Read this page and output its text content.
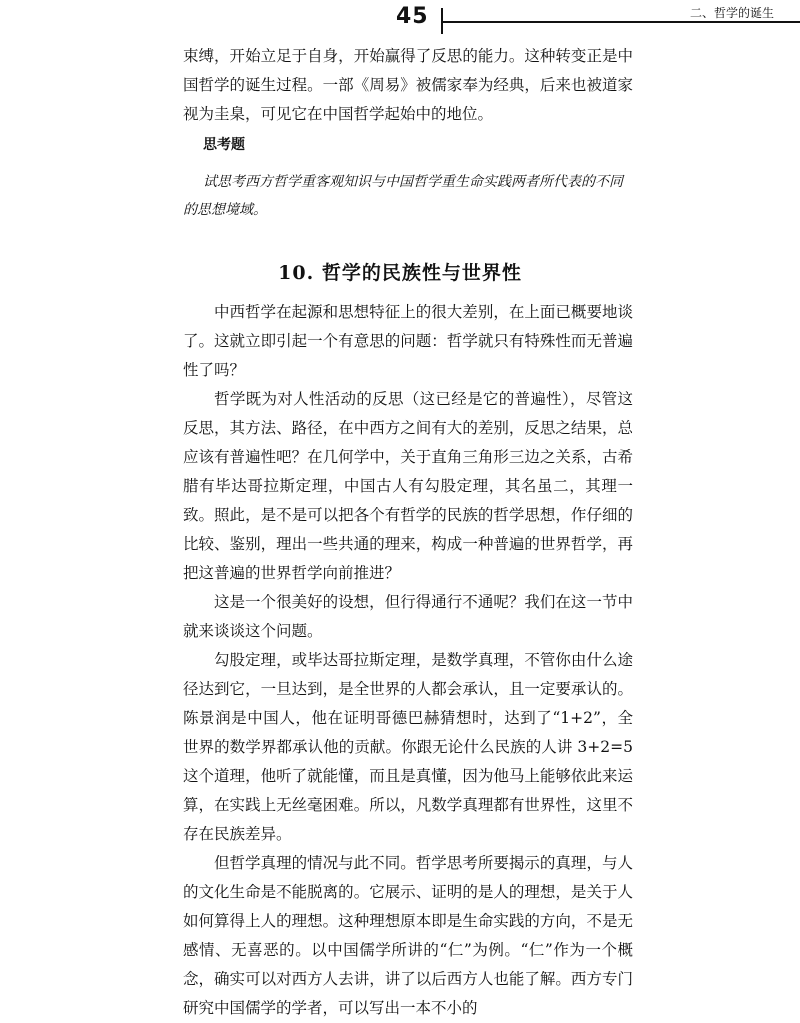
45	二、哲学的诞生

束缚，开始立足于自身，开始赢得了反思的能力。这种转变正是中国哲学的诞生过程。一部《周易》被儒家奉为经典，后来也被道家视为圭臬，可见它在中国哲学起始中的地位。

思考题

试思考西方哲学重客观知识与中国哲学重生命实践两者所代表的不同的思想境域。

10. 哲学的民族性与世界性

中西哲学在起源和思想特征上的很大差别，在上面已概要地谈了。这就立即引起一个有意思的问题：哲学就只有特殊性而无普遍性了吗？

哲学既为对人性活动的反思（这已经是它的普遍性），尽管这反思，其方法、路径，在中西方之间有大的差别，反思之结果，总应该有普遍性吧？在几何学中，关于直角三角形三边之关系，古希腊有毕达哥拉斯定理，中国古人有勾股定理，其名虽二，其理一致。照此，是不是可以把各个有哲学的民族的哲学思想，作仔细的比较、鉴别，理出一些共通的理来，构成一种普遍的世界哲学，再把这普遍的世界哲学向前推进？

这是一个很美好的设想，但行得通行不通呢？我们在这一节中就来谈谈这个问题。

勾股定理，或毕达哥拉斯定理，是数学真理，不管你由什么途径达到它，一旦达到，是全世界的人都会承认，且一定要承认的。陈景润是中国人，他在证明哥德巴赫猜想时，达到了“1+2”，全世界的数学界都承认他的贡献。你跟无论什么民族的人讲 3+2=5 这个道理，他听了就能懂，而且是真懂，因为他马上能够依此来运算，在实践上无丝毫困难。所以，凡数学真理都有世界性，这里不存在民族差异。

但哲学真理的情况与此不同。哲学思考所要揭示的真理，与人的文化生命是不能脱离的。它展示、证明的是人的理想，是关于人如何算得上人的理想。这种理想原本即是生命实践的方向，不是无感情、无喜恶的。以中国儒学所讲的“仁”为例。“仁”作为一个概念，确实可以对西方人去讲，讲了以后西方人也能了解。西方专门研究中国儒学的学者，可以写出一本不小的
